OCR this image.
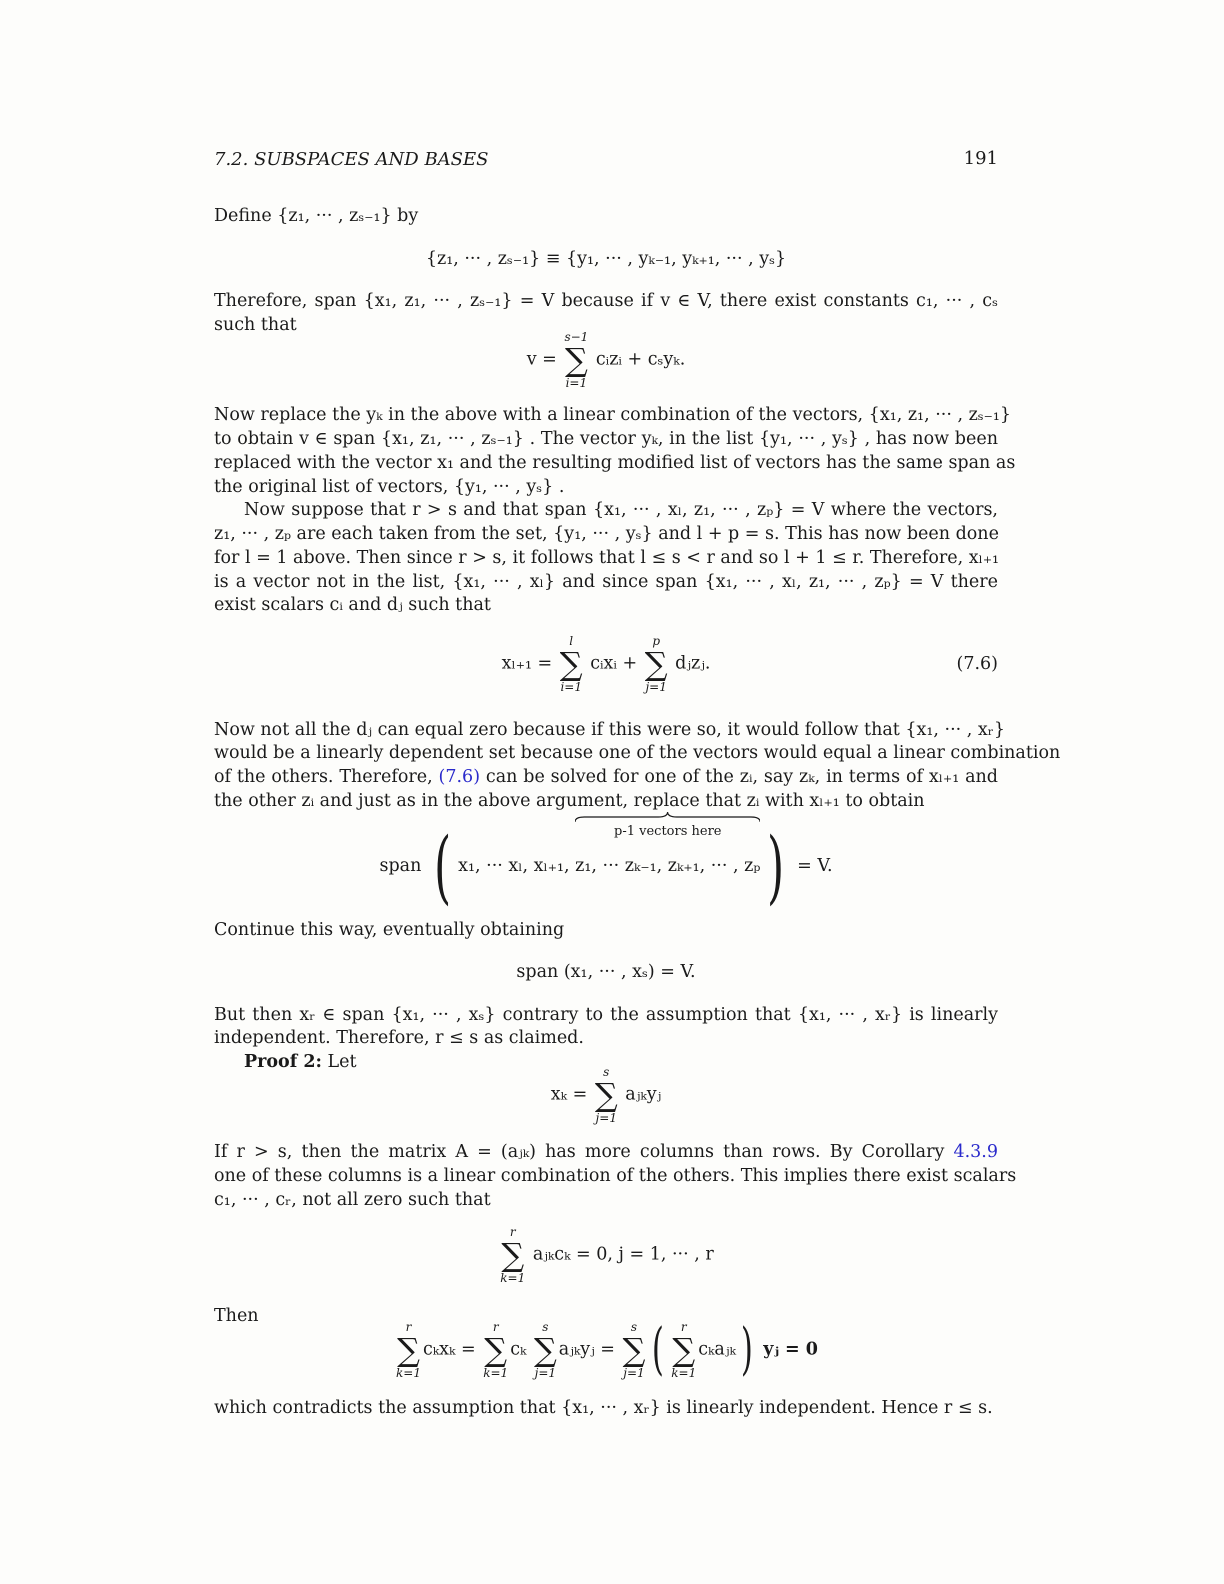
7.2. SUBSPACES AND BASES	191
Define {z₁, ··· , zₛ₋₁} by
{z₁, ··· , zₛ₋₁} ≡ {y₁, ··· , yₖ₋₁, yₖ₊₁, ··· , yₛ}
Therefore, span {x₁, z₁, ··· , zₛ₋₁} = V because if v ∈ V, there exist constants c₁, ··· , cₛ
such that
v =
s−1
∑
i=1
cᵢzᵢ + cₛyₖ.
Now replace the yₖ in the above with a linear combination of the vectors, {x₁, z₁, ··· , zₛ₋₁}
to obtain v ∈ span {x₁, z₁, ··· , zₛ₋₁} . The vector yₖ, in the list {y₁, ··· , yₛ} , has now been
replaced with the vector x₁ and the resulting modified list of vectors has the same span as
the original list of vectors, {y₁, ··· , yₛ} .
Now suppose that r > s and that span {x₁, ··· , xₗ, z₁, ··· , zₚ} = V where the vectors,
z₁, ··· , zₚ are each taken from the set, {y₁, ··· , yₛ} and l + p = s. This has now been done
for l = 1 above. Then since r > s, it follows that l ≤ s < r and so l + 1 ≤ r. Therefore, xₗ₊₁
is a vector not in the list, {x₁, ··· , xₗ} and since span {x₁, ··· , xₗ, z₁, ··· , zₚ} = V there
exist scalars cᵢ and dⱼ such that
xₗ₊₁ =
l
∑
i=1
cᵢxᵢ +
p
∑
j=1
dⱼzⱼ.	(7.6)
Now not all the dⱼ can equal zero because if this were so, it would follow that {x₁, ··· , xᵣ}
would be a linearly dependent set because one of the vectors would equal a linear combination
of the others. Therefore, (7.6) can be solved for one of the zᵢ, say zₖ, in terms of xₗ₊₁ and
the other zᵢ and just as in the above argument, replace that zᵢ with xₗ₊₁ to obtain
span ( x₁, ··· xₗ, xₗ₊₁,
p-1 vectors here
z₁, ··· zₖ₋₁, zₖ₊₁, ··· , zₚ) = V.
Continue this way, eventually obtaining
span (x₁, ··· , xₛ) = V.
But then xᵣ ∈ span {x₁, ··· , xₛ} contrary to the assumption that {x₁, ··· , xᵣ} is linearly
independent. Therefore, r ≤ s as claimed.
Proof 2: Let
xₖ =
s
∑
j=1
aⱼₖyⱼ
If r > s, then the matrix A = (aⱼₖ) has more columns than rows. By Corollary 4.3.9
one of these columns is a linear combination of the others. This implies there exist scalars
c₁, ··· , cᵣ, not all zero such that
r
∑
k=1
aⱼₖcₖ = 0, j = 1, ··· , r
Then
r
∑
k=1
cₖxₖ =
r
∑
k=1
cₖ
s
∑
j=1
aⱼₖyⱼ =
s
∑
j=1 (	r
∑
k=1
cₖaⱼₖ) yⱼ = 0
which contradicts the assumption that {x₁, ··· , xᵣ} is linearly independent. Hence r ≤ s.
